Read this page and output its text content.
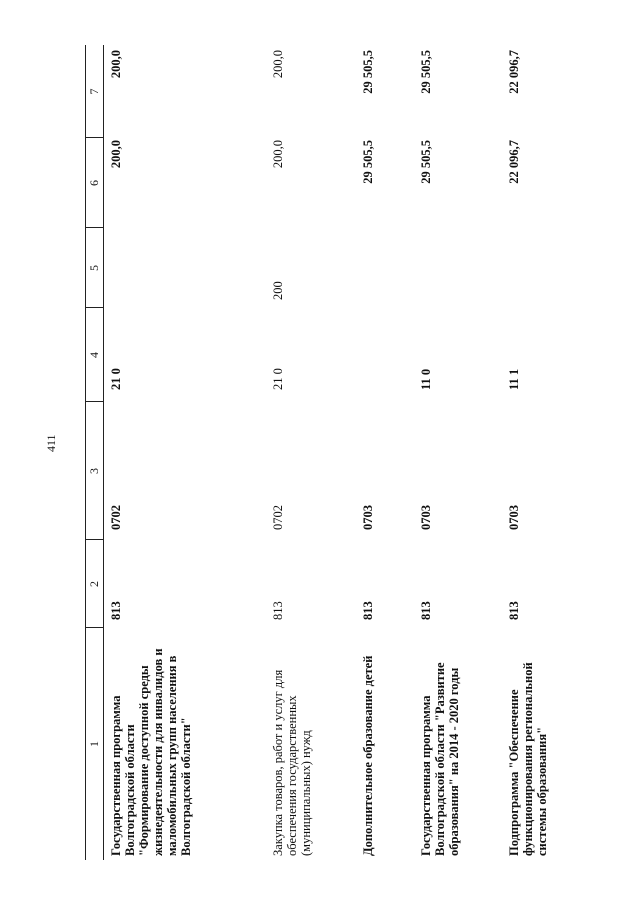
411
1
2
3
4
5
6
7
Государственная программа Волгоградской области "Формирование доступной среды жизнедеятельности для инвалидов и маломобильных групп населения в Волгоградской области"
813
0702
21 0
200,0
200,0
Закупка товаров, работ и услуг для обеспечения государственных (муниципальных) нужд
813
0702
21 0
200
200,0
200,0
Дополнительное образование детей
813
0703
29 505,5
29 505,5
Государственная программа Волгоградской области "Развитие образования" на 2014 - 2020 годы
813
0703
11 0
29 505,5
29 505,5
Подпрограмма "Обеспечение функционирования региональной системы образования"
813
0703
11 1
22 096,7
22 096,7
